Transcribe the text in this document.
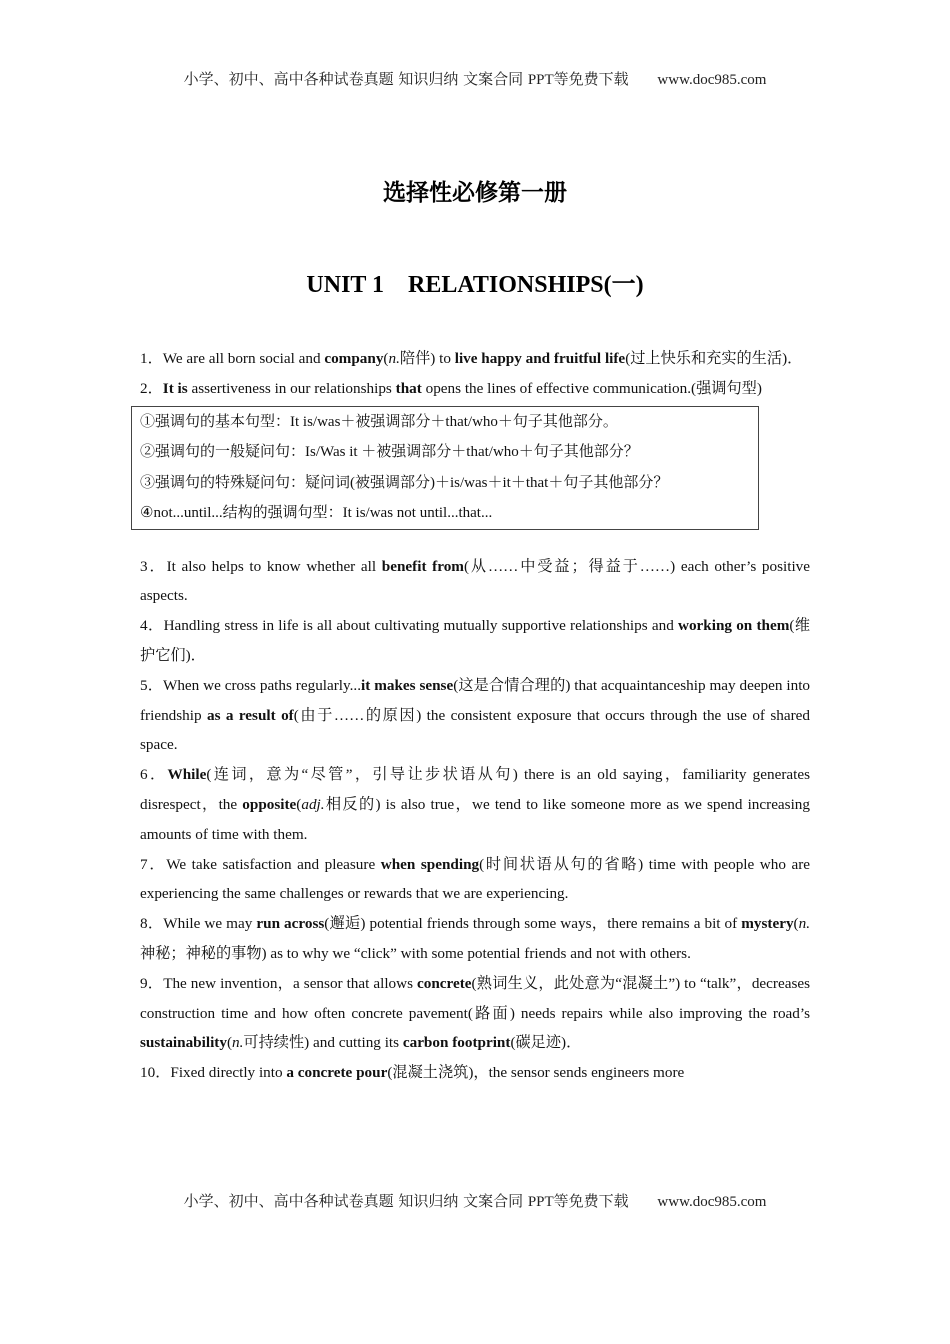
小学、初中、高中各种试卷真题 知识归纳 文案合同 PPT等免费下载 www.doc985.com
选择性必修第一册
UNIT 1　RELATIONSHIPS(一)

1．We are all born social and company(n.陪伴) to live happy and fruitful life(过上快乐和充实的生活)．

2．It is assertiveness in our relationships that opens the lines of effective communication.(强调句型)

①强调句的基本句型：It is/was＋被强调部分＋that/who＋句子其他部分。
②强调句的一般疑问句：Is/Was it ＋被强调部分＋that/who＋句子其他部分？
③强调句的特殊疑问句：疑问词(被强调部分)＋is/was＋it＋that＋句子其他部分？
④not...until...结构的强调句型：It is/was not until...that...

3．It also helps to know whether all benefit from(从……中受益；得益于……) each other’s positive aspects.

4．Handling stress in life is all about cultivating mutually supportive relationships and working on them(维护它们)．

5．When we cross paths regularly...it makes sense(这是合情合理的) that acquaintanceship may deepen into friendship as a result of(由于……的原因) the consistent exposure that occurs through the use of shared space.

6．While(连词，意为“尽管”，引导让步状语从句) there is an old saying，familiarity generates disrespect，the opposite(adj.相反的) is also true，we tend to like someone more as we spend increasing amounts of time with them.

7．We take satisfaction and pleasure when spending(时间状语从句的省略) time with people who are experiencing the same challenges or rewards that we are experiencing.

8．While we may run across(邂逅) potential friends through some ways，there remains a bit of mystery(n.神秘；神秘的事物) as to why we “click” with some potential friends and not with others.

9．The new invention，a sensor that allows concrete(熟词生义，此处意为“混凝土”) to “talk”，decreases construction time and how often concrete pavement(路面) needs repairs while also improving the road’s sustainability(n.可持续性) and cutting its carbon footprint(碳足迹)．

10．Fixed directly into a concrete pour(混凝土浇筑)，the sensor sends engineers more

小学、初中、高中各种试卷真题 知识归纳 文案合同 PPT等免费下载 www.doc985.com
